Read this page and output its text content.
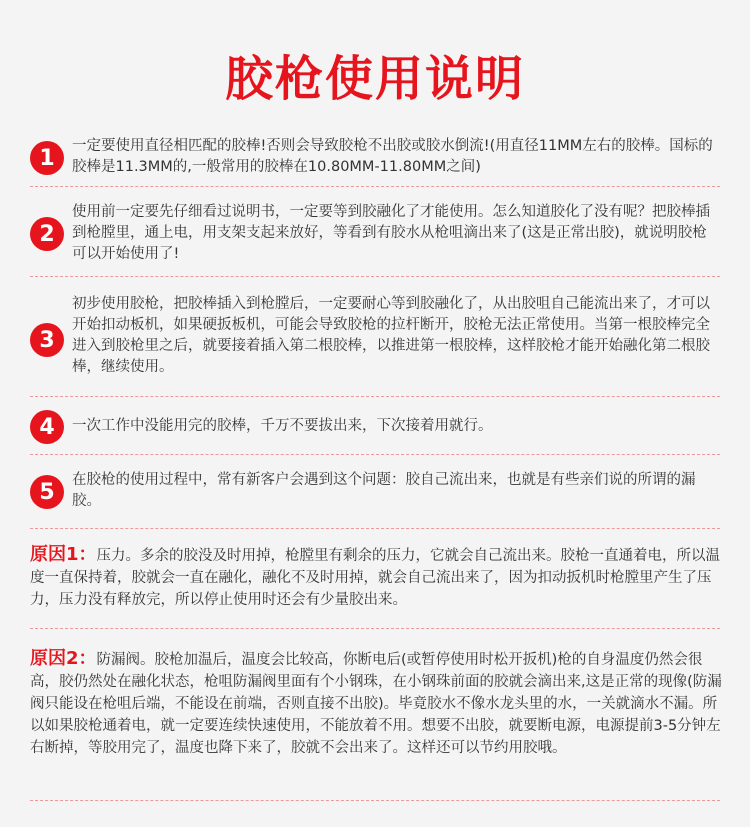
胶枪使用说明
1	一定要使用直径相匹配的胶棒!否则会导致胶枪不出胶或胶水倒流!(用直径11MM左右的胶棒。国标的胶棒是11.3MM的,一般常用的胶棒在10.80MM-11.80MM之间)
2
使用前一定要先仔细看过说明书，一定要等到胶融化了才能使用。怎么知道胶化了没有呢？把胶棒插到枪膛里，通上电，用支架支起来放好，等看到有胶水从枪咀滴出来了(这是正常出胶)，就说明胶枪可以开始使用了!
3
初步使用胶枪，把胶棒插入到枪膛后，一定要耐心等到胶融化了，从出胶咀自己能流出来了，才可以开始扣动板机，如果硬扳板机，可能会导致胶枪的拉杆断开，胶枪无法正常使用。当第一根胶棒完全进入到胶枪里之后，就要接着插入第二根胶棒，以推进第一根胶棒，这样胶枪才能开始融化第二根胶棒，继续使用。
4	一次工作中没能用完的胶棒，千万不要拔出来，下次接着用就行。
5	在胶枪的使用过程中，常有新客户会遇到这个问题：胶自己流出来，也就是有些亲们说的所谓的漏胶。
原因1：压力。多余的胶没及时用掉，枪膛里有剩余的压力，它就会自己流出来。胶枪一直通着电，所以温度一直保持着，胶就会一直在融化，融化不及时用掉，就会自己流出来了，因为扣动扳机时枪膛里产生了压力，压力没有释放完，所以停止使用时还会有少量胶出来。
原因2：防漏阀。胶枪加温后，温度会比较高，你断电后(或暂停使用时松开扳机)枪的自身温度仍然会很高，胶仍然处在融化状态，枪咀防漏阀里面有个小钢珠，在小钢珠前面的胶就会滴出来,这是正常的现像(防漏阀只能设在枪咀后端，不能设在前端，否则直接不出胶)。毕竟胶水不像水龙头里的水，一关就滴水不漏。所以如果胶枪通着电，就一定要连续快速使用，不能放着不用。想要不出胶，就要断电源，电源提前3-5分钟左右断掉，等胶用完了，温度也降下来了，胶就不会出来了。这样还可以节约用胶哦。
